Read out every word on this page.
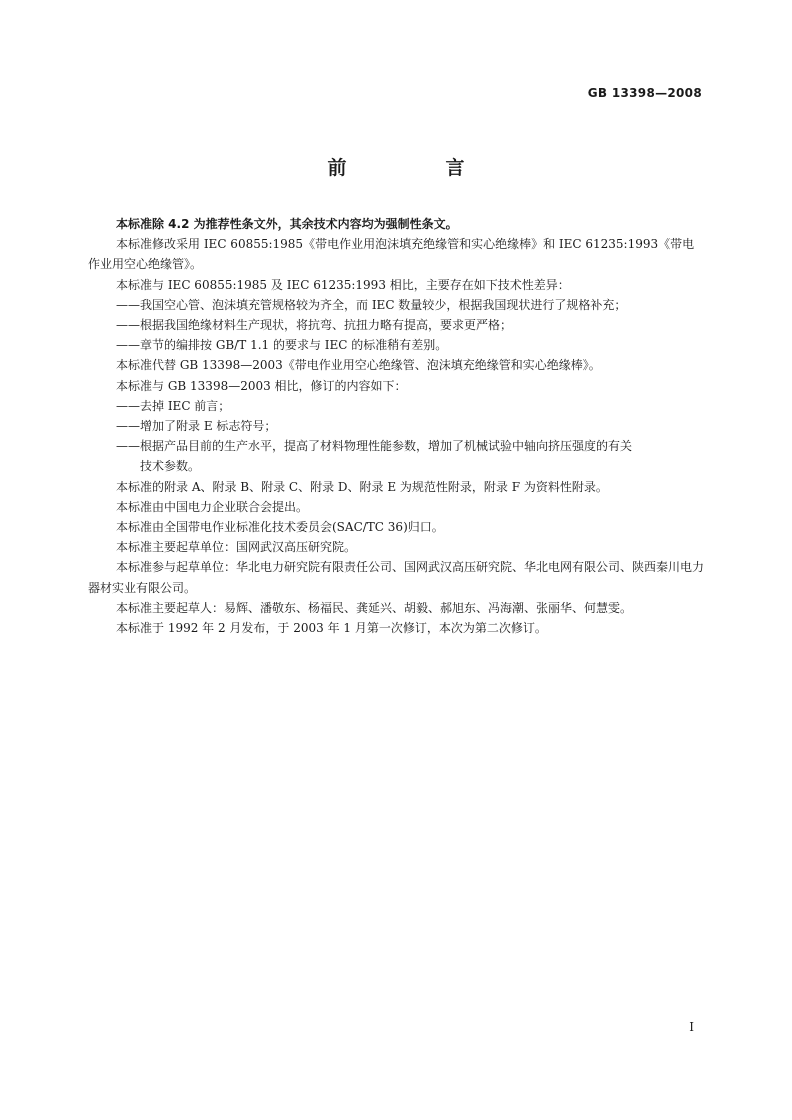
GB 13398—2008
前　言

本标准除 4.2 为推荐性条文外，其余技术内容均为强制性条文。

本标准修改采用 IEC 60855:1985《带电作业用泡沫填充绝缘管和实心绝缘棒》和 IEC 61235:1993《带电作业用空心绝缘管》。

本标准与 IEC 60855:1985 及 IEC 61235:1993 相比，主要存在如下技术性差异：

——我国空心管、泡沫填充管规格较为齐全，而 IEC 数量较少，根据我国现状进行了规格补充；

——根据我国绝缘材料生产现状，将抗弯、抗扭力略有提高，要求更严格；

——章节的编排按 GB/T 1.1 的要求与 IEC 的标准稍有差别。

本标准代替 GB 13398—2003《带电作业用空心绝缘管、泡沫填充绝缘管和实心绝缘棒》。

本标准与 GB 13398—2003 相比，修订的内容如下：

——去掉 IEC 前言；

——增加了附录 E 标志符号；

——根据产品目前的生产水平，提高了材料物理性能参数，增加了机械试验中轴向挤压强度的有关

技术参数。

本标准的附录 A、附录 B、附录 C、附录 D、附录 E 为规范性附录，附录 F 为资料性附录。

本标准由中国电力企业联合会提出。

本标准由全国带电作业标准化技术委员会(SAC/TC 36)归口。

本标准主要起草单位：国网武汉高压研究院。

本标准参与起草单位：华北电力研究院有限责任公司、国网武汉高压研究院、华北电网有限公司、陕西秦川电力器材实业有限公司。

本标准主要起草人：易辉、潘敬东、杨福民、龚延兴、胡毅、郝旭东、冯海潮、张丽华、何慧雯。

本标准于 1992 年 2 月发布，于 2003 年 1 月第一次修订，本次为第二次修订。

I
